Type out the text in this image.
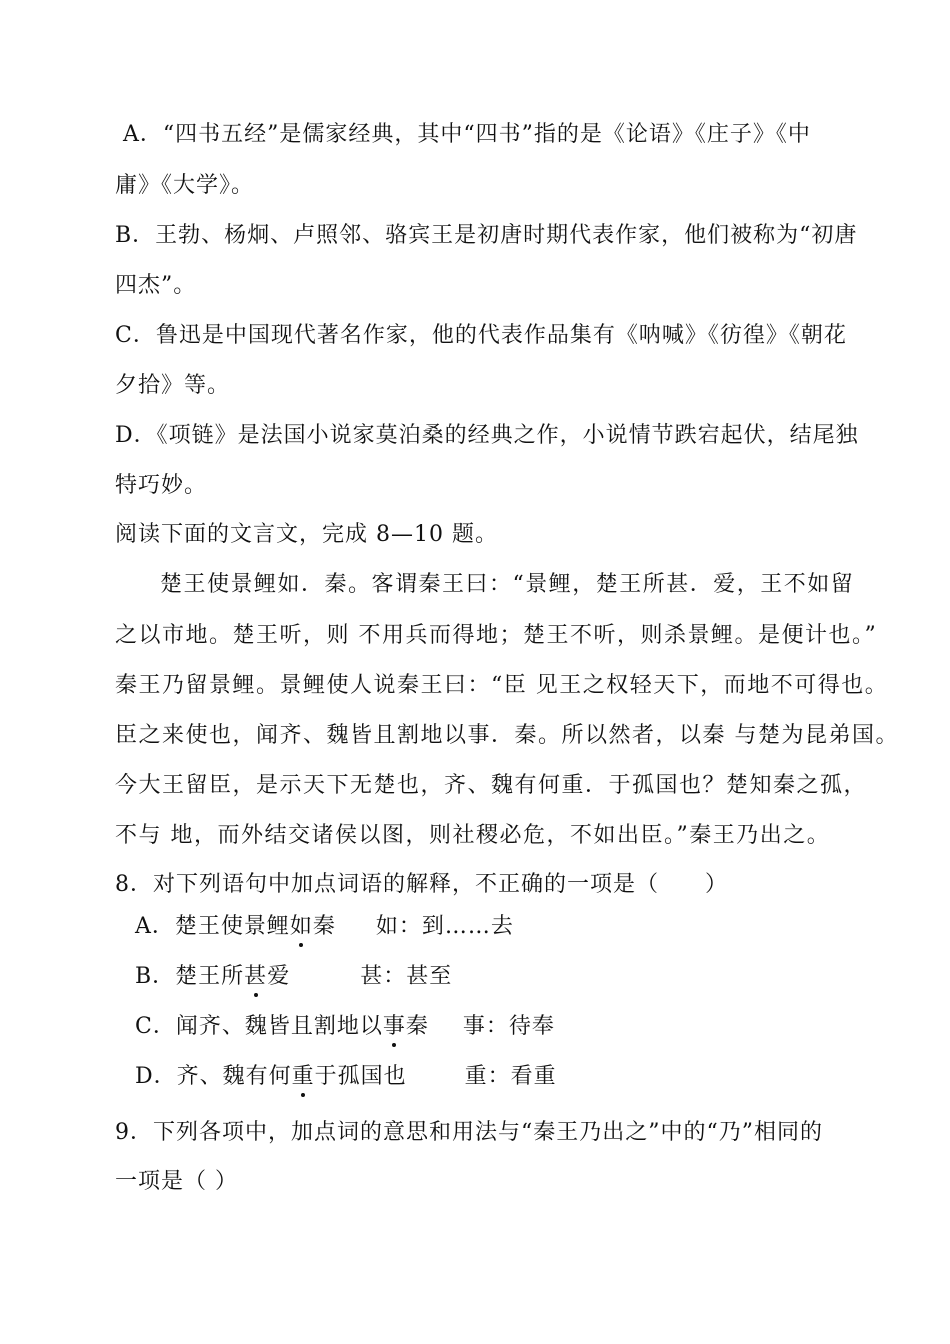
A．“四书五经”是儒家经典，其中“四书”指的是《论语》《庄子》《中
庸》《大学》。
B．王勃、杨炯、卢照邻、骆宾王是初唐时期代表作家，他们被称为“初唐
四杰”。
C．鲁迅是中国现代著名作家，他的代表作品集有《呐喊》《彷徨》《朝花
夕拾》等。
D．《项链》是法国小说家莫泊桑的经典之作，小说情节跌宕起伏，结尾独
特巧妙。
阅读下面的文言文，完成 8—10 题。
楚王使景鲤如．秦。客谓秦王曰：“景鲤，楚王所甚．爱，王不如留
之以市地。楚王听，则 不用兵而得地；楚王不听，则杀景鲤。是便计也。”
秦王乃留景鲤。景鲤使人说秦王曰：“臣 见王之权轻天下，而地不可得也。
臣之来使也，闻齐、魏皆且割地以事．秦。所以然者，以秦 与楚为昆弟国。
今大王留臣，是示天下无楚也，齐、魏有何重．于孤国也？楚知秦之孤，
不与 地，而外结交诸侯以图，则社稷必危，不如出臣。”秦王乃出之。
8．对下列语句中加点词语的解释，不正确的一项是（　　）
A．楚王使景鲤如秦 如：到……去
B．楚王所甚爱	甚：甚至
C．闻齐、魏皆且割地以事秦 事：待奉
D．齐、魏有何重于孤国也	重：看重
9．下列各项中，加点词的意思和用法与“秦王乃出之”中的“乃”相同的
一项是（ ）
